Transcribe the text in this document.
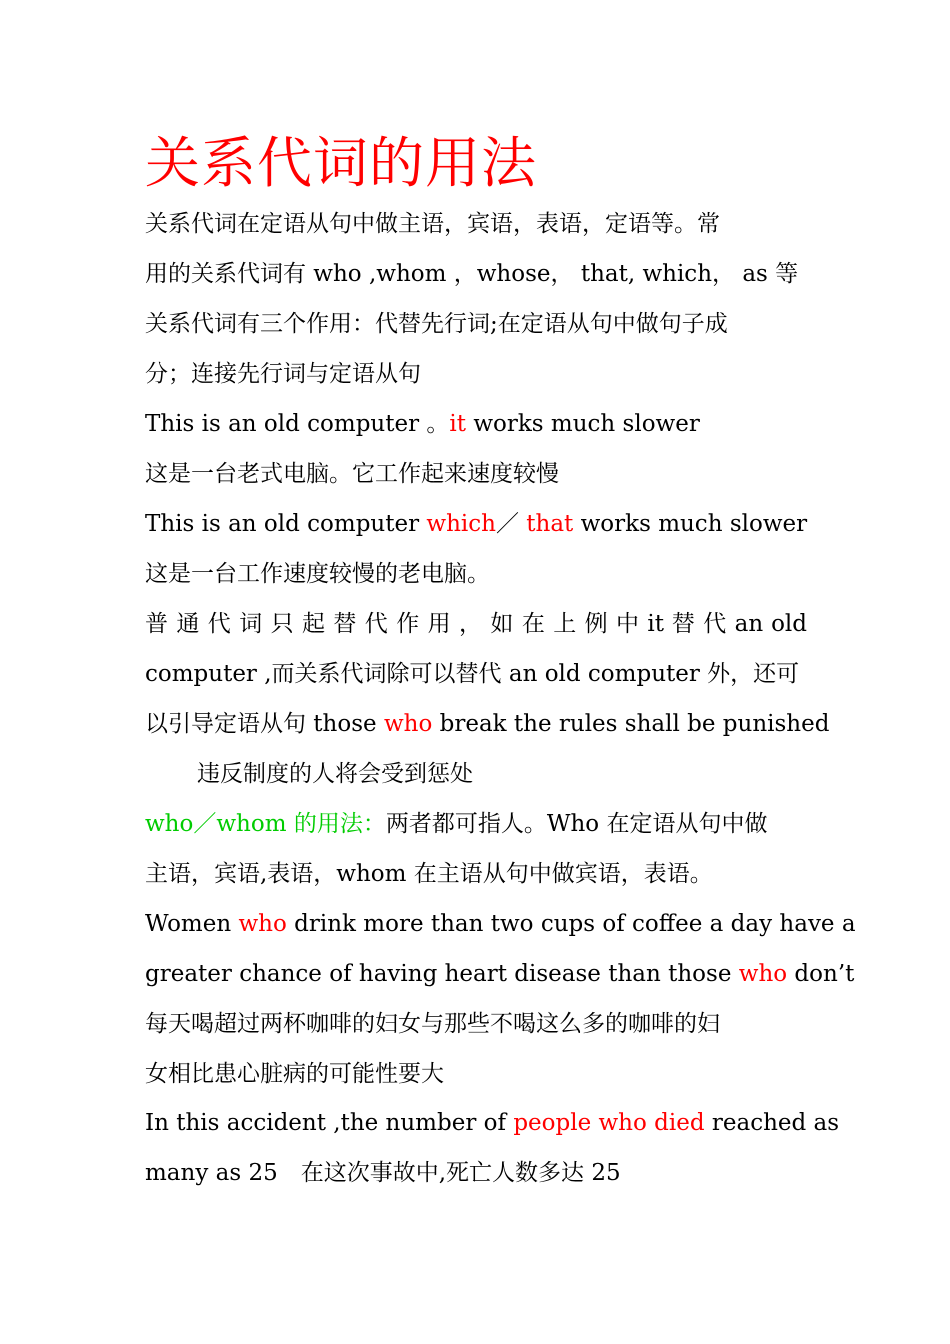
关系代词的用法
关系代词在定语从句中做主语，宾语，表语，定语等。常
用的关系代词有 who ,whom ，whose， that, which， as 等
关系代词有三个作用：代替先行词;在定语从句中做句子成
分；连接先行词与定语从句
This is an old computer 。it works much slower
这是一台老式电脑。它工作起来速度较慢
This is an old computer which／ that works much slower
这是一台工作速度较慢的老电脑。
普 通 代 词 只 起 替 代 作 用 ， 如 在 上 例 中 it 替 代 an old
computer ,而关系代词除可以替代 an old computer 外，还可
以引导定语从句 those who break the rules shall be punished
违反制度的人将会受到惩处
who／whom 的用法：两者都可指人。Who 在定语从句中做
主语，宾语,表语，whom 在主语从句中做宾语，表语。
Women who drink more than two cups of coffee a day have a
greater chance of having heart disease than those who don’t
每天喝超过两杯咖啡的妇女与那些不喝这么多的咖啡的妇
女相比患心脏病的可能性要大
In this accident ,the number of people who died reached as
many as 25　在这次事故中,死亡人数多达 25
